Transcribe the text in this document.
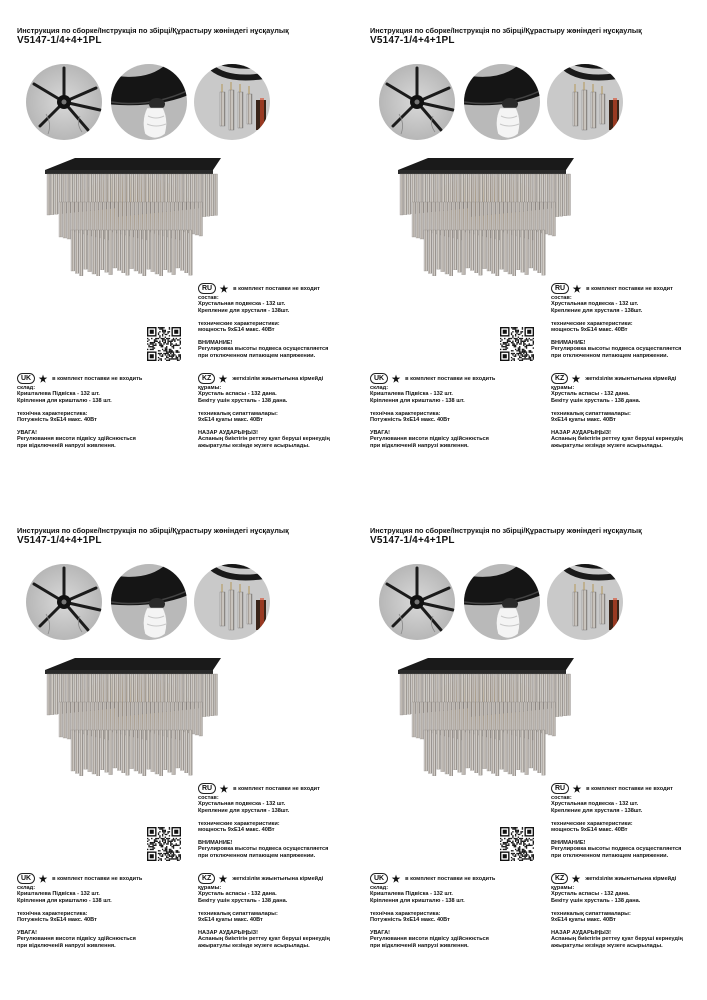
Инструкция по сборке/Інструкція по збірці/Құрастыру жөніндегі нұсқаулық
V5147-1/4+4+1PL
RU	в комплект поставки не входит
состав:
Хрустальная подвеска - 132 шт.
Крепление для хрусталя - 138шт.
технические характеристики:
мощность 9xE14 макс. 40Вт
ВНИМАНИЕ!
Регулировка высоты подвеса осуществляется
при отключенном питающем напряжении.
UK	в комплект поставки не входить
склад:
Кришталева Підвіска - 132 шт.
Кріплення для кришталю - 138 шт.
технічна характеристика:
Потужність 9xE14 макс. 40Вт
УВАГА!
Регулювання висоти підвісу здійснюється
при відключеній напрузі живлення.
KZ	жеткізілім жиынтығына кірмейді
құрамы:
Хрусталь аспасы - 132 дана.
Бекіту үшін хрусталь - 138 дана.
техникалық сипаттамалары:
9xE14 қуаты макс. 40Вт
НАЗАР АУДАРЫҢЫЗ!
Аспаның биіктігін реттеу қуат беруші кернеудің
ажыратулы кезінде жүзеге асырылады.
Инструкция по сборке/Інструкція по збірці/Құрастыру жөніндегі нұсқаулық
V5147-1/4+4+1PL
RU	в комплект поставки не входит
состав:
Хрустальная подвеска - 132 шт.
Крепление для хрусталя - 138шт.
технические характеристики:
мощность 9xE14 макс. 40Вт
ВНИМАНИЕ!
Регулировка высоты подвеса осуществляется
при отключенном питающем напряжении.
UK	в комплект поставки не входить
склад:
Кришталева Підвіска - 132 шт.
Кріплення для кришталю - 138 шт.
технічна характеристика:
Потужність 9xE14 макс. 40Вт
УВАГА!
Регулювання висоти підвісу здійснюється
при відключеній напрузі живлення.
KZ	жеткізілім жиынтығына кірмейді
құрамы:
Хрусталь аспасы - 132 дана.
Бекіту үшін хрусталь - 138 дана.
техникалық сипаттамалары:
9xE14 қуаты макс. 40Вт
НАЗАР АУДАРЫҢЫЗ!
Аспаның биіктігін реттеу қуат беруші кернеудің
ажыратулы кезінде жүзеге асырылады.
Инструкция по сборке/Інструкція по збірці/Құрастыру жөніндегі нұсқаулық
V5147-1/4+4+1PL
RU	в комплект поставки не входит
состав:
Хрустальная подвеска - 132 шт.
Крепление для хрусталя - 138шт.
технические характеристики:
мощность 9xE14 макс. 40Вт
ВНИМАНИЕ!
Регулировка высоты подвеса осуществляется
при отключенном питающем напряжении.
UK	в комплект поставки не входить
склад:
Кришталева Підвіска - 132 шт.
Кріплення для кришталю - 138 шт.
технічна характеристика:
Потужність 9xE14 макс. 40Вт
УВАГА!
Регулювання висоти підвісу здійснюється
при відключеній напрузі живлення.
KZ	жеткізілім жиынтығына кірмейді
құрамы:
Хрусталь аспасы - 132 дана.
Бекіту үшін хрусталь - 138 дана.
техникалық сипаттамалары:
9xE14 қуаты макс. 40Вт
НАЗАР АУДАРЫҢЫЗ!
Аспаның биіктігін реттеу қуат беруші кернеудің
ажыратулы кезінде жүзеге асырылады.
Инструкция по сборке/Інструкція по збірці/Құрастыру жөніндегі нұсқаулық
V5147-1/4+4+1PL
RU	в комплект поставки не входит
состав:
Хрустальная подвеска - 132 шт.
Крепление для хрусталя - 138шт.
технические характеристики:
мощность 9xE14 макс. 40Вт
ВНИМАНИЕ!
Регулировка высоты подвеса осуществляется
при отключенном питающем напряжении.
UK	в комплект поставки не входить
склад:
Кришталева Підвіска - 132 шт.
Кріплення для кришталю - 138 шт.
технічна характеристика:
Потужність 9xE14 макс. 40Вт
УВАГА!
Регулювання висоти підвісу здійснюється
при відключеній напрузі живлення.
KZ	жеткізілім жиынтығына кірмейді
құрамы:
Хрусталь аспасы - 132 дана.
Бекіту үшін хрусталь - 138 дана.
техникалық сипаттамалары:
9xE14 қуаты макс. 40Вт
НАЗАР АУДАРЫҢЫЗ!
Аспаның биіктігін реттеу қуат беруші кернеудің
ажыратулы кезінде жүзеге асырылады.
